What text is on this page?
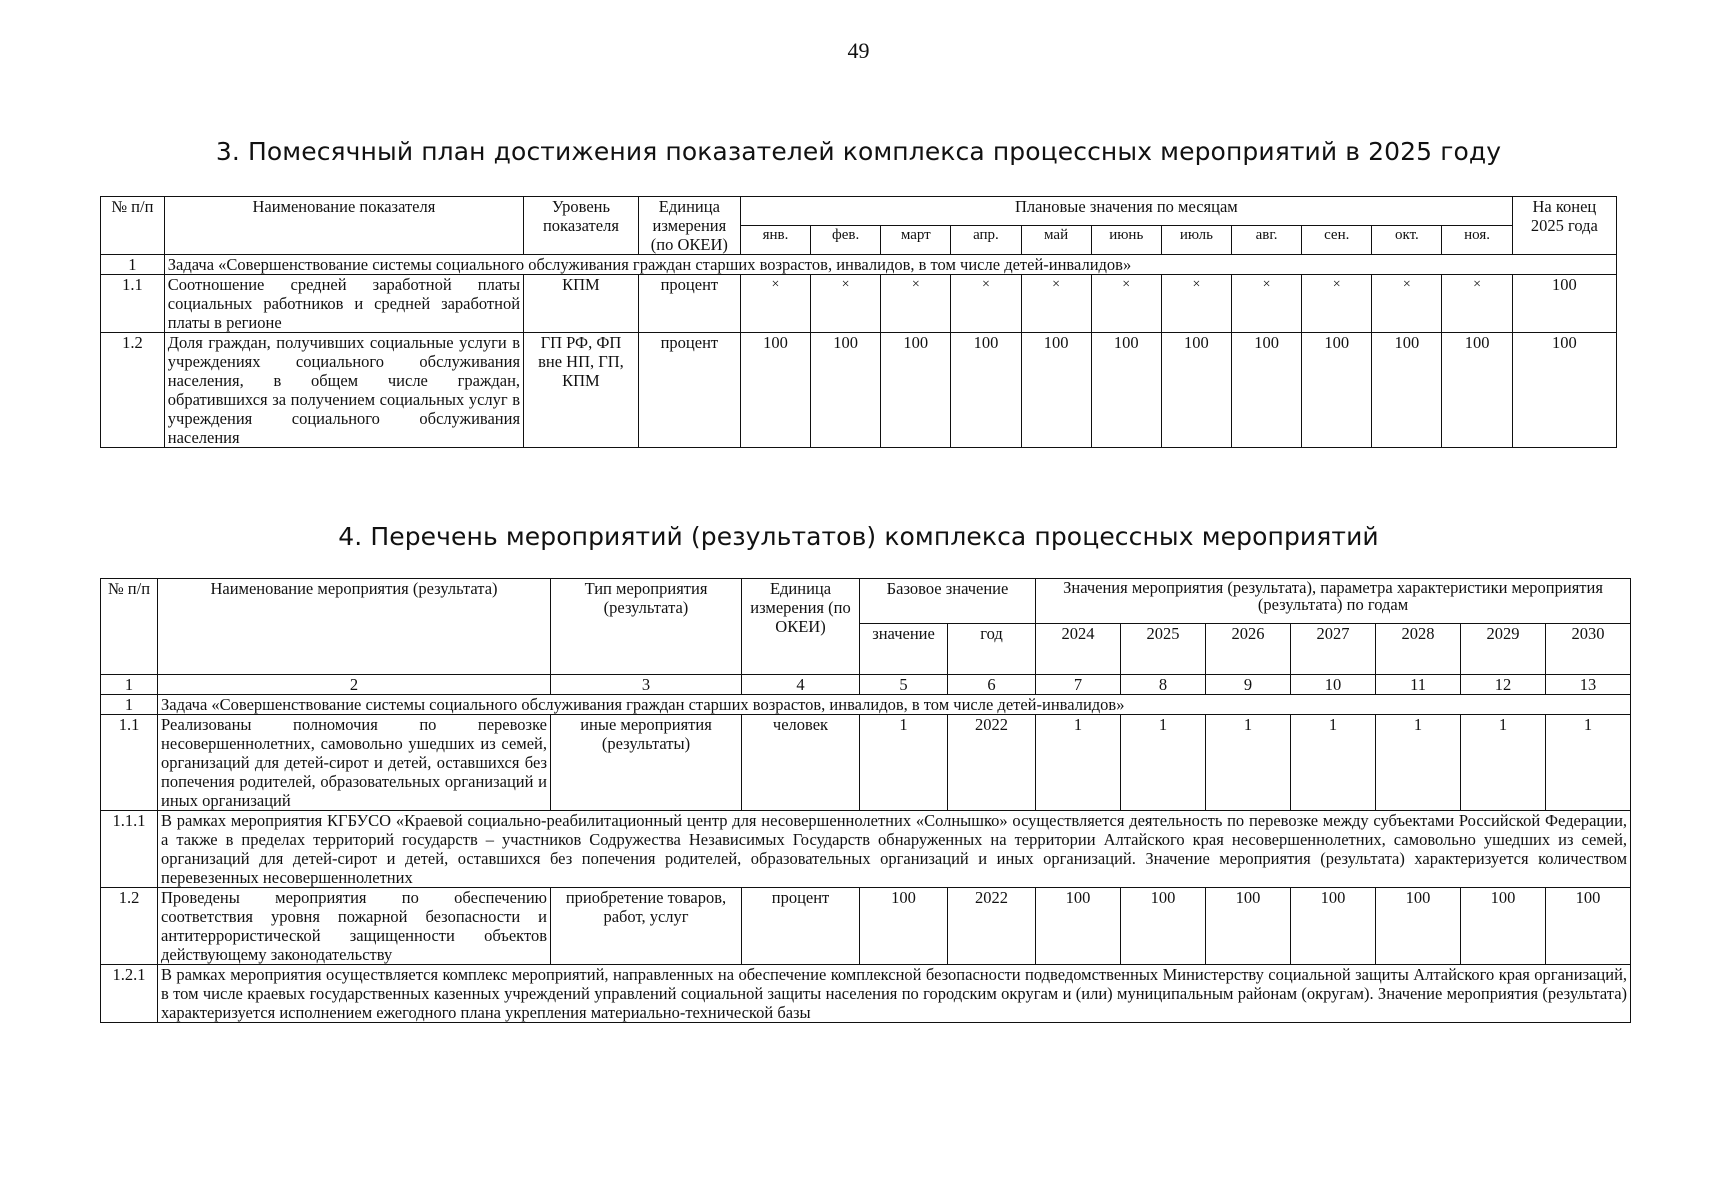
49
3. Помесячный план достижения показателей комплекса процессных мероприятий в 2025 году
№ п/п	Наименование показателя	Уровень показателя	Единица измерения (по ОКЕИ)	Плановые значения по месяцам											На конец 2025 года
				янв.	фев.	март	апр.	май	июнь	июль	авг.	сен.	окт.	ноя.	
1	Задача «Совершенствование системы социального обслуживания граждан старших возрастов, инвалидов, в том числе детей-инвалидов»														
1.1	Соотношение средней заработной платы социальных работников и средней заработной платы в регионе	КПМ	процент	×	×	×	×	×	×	×	×	×	×	×	100
1.2	Доля граждан, получивших социальные услуги в учреждениях социального обслуживания населения, в общем числе граждан, обратившихся за получением социальных услуг в учреждения социального обслуживания населения	ГП РФ, ФП вне НП, ГП, КПМ	процент	100	100	100	100	100	100	100	100	100	100	100	100
4. Перечень мероприятий (результатов) комплекса процессных мероприятий
№ п/п	Наименование мероприятия (результата)	Тип мероприятия (результата)	Единица измерения (по ОКЕИ)	Базовое значение		Значения мероприятия (результата), параметра характеристики мероприятия (результата) по годам						
				значение	год	2024	2025	2026	2027	2028	2029	2030
1	2	3	4	5	6	7	8	9	10	11	12	13
1	Задача «Совершенствование системы социального обслуживания граждан старших возрастов, инвалидов, в том числе детей-инвалидов»											
1.1	Реализованы полномочия по перевозке несовершеннолетних, самовольно ушедших из семей, организаций для детей-сирот и детей, оставшихся без попечения родителей, образовательных организаций и иных организаций	иные мероприятия (результаты)	человек	1	2022	1	1	1	1	1	1	1
1.1.1	В рамках мероприятия КГБУСО «Краевой социально-реабилитационный центр для несовершеннолетних «Солнышко» осуществляется деятельность по перевозке между субъектами Российской Федерации, а также в пределах территорий государств – участников Содружества Независимых Государств обнаруженных на территории Алтайского края несовершеннолетних, самовольно ушедших из семей, организаций для детей-сирот и детей, оставшихся без попечения родителей, образовательных организаций и иных организаций. Значение мероприятия (результата) характеризуется количеством перевезенных несовершеннолетних											
1.2	Проведены мероприятия по обеспечению соответствия уровня пожарной безопасности и антитеррористической защищенности объектов действующему законодательству	приобретение товаров, работ, услуг	процент	100	2022	100	100	100	100	100	100	100
1.2.1	В рамках мероприятия осуществляется комплекс мероприятий, направленных на обеспечение комплексной безопасности подведомственных Министерству социальной защиты Алтайского края организаций, в том числе краевых государственных казенных учреждений управлений социальной защиты населения по городским округам и (или) муниципальным районам (округам). Значение мероприятия (результата) характеризуется исполнением ежегодного плана укрепления материально-технической базы											
